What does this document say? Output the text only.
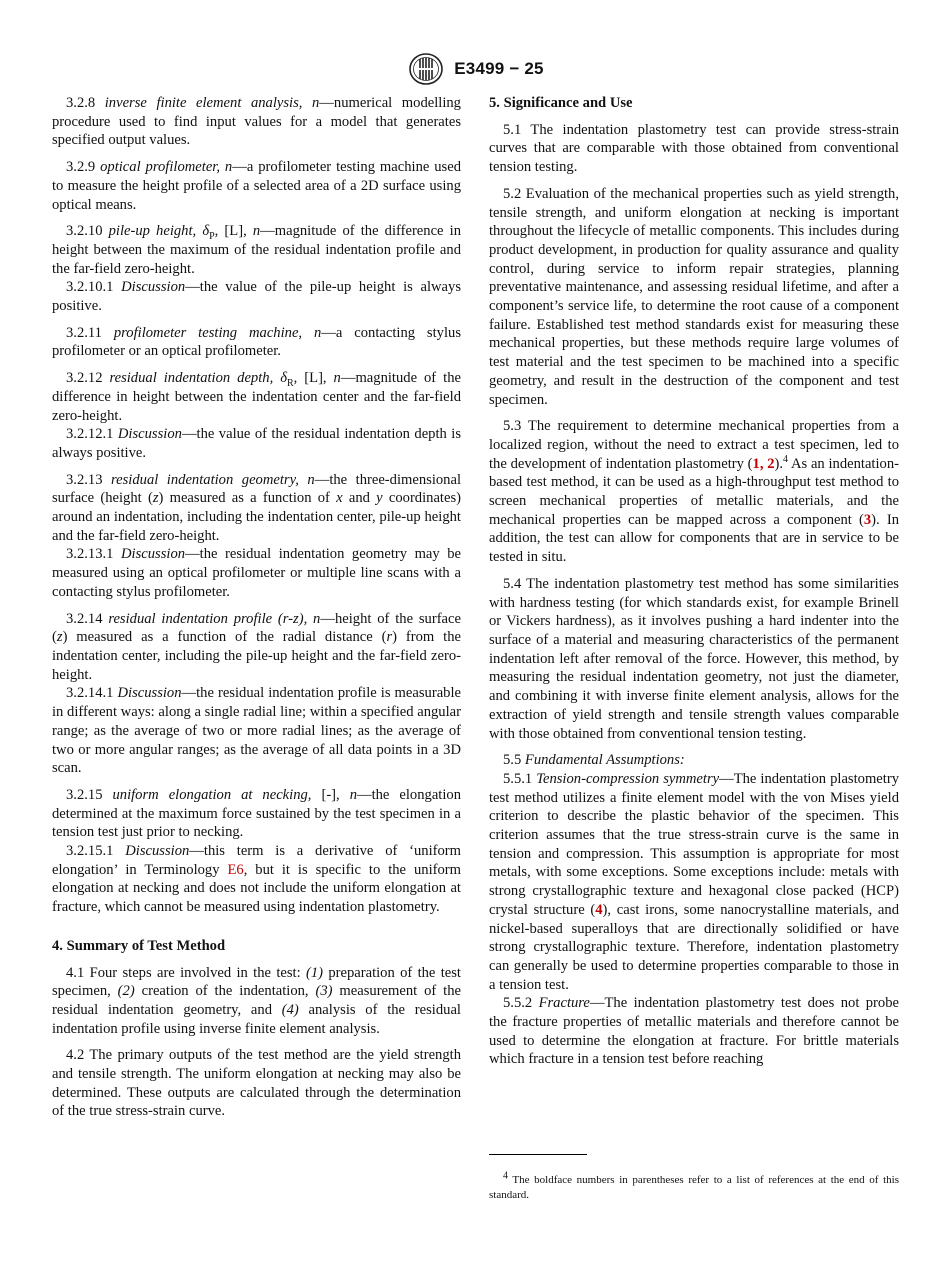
E3499 − 25

3.2.8 inverse finite element analysis, n—numerical modelling procedure used to find input values for a model that generates specified output values.

3.2.9 optical profilometer, n—a profilometer testing machine used to measure the height profile of a selected area of a 2D surface using optical means.

3.2.10 pile-up height, $\delta_P$, [L], n—magnitude of the difference in height between the maximum of the residual indentation profile and the far-field zero-height.

3.2.10.1 Discussion—the value of the pile-up height is always positive.

3.2.11 profilometer testing machine, n—a contacting stylus profilometer or an optical profilometer.

3.2.12 residual indentation depth, $\delta_R$, [L], n—magnitude of the difference in height between the indentation center and the far-field zero-height.

3.2.12.1 Discussion—the value of the residual indentation depth is always positive.

3.2.13 residual indentation geometry, n—the three-dimensional surface (height (z) measured as a function of x and y coordinates) around an indentation, including the indentation center, pile-up height and the far-field zero-height.

3.2.13.1 Discussion—the residual indentation geometry may be measured using an optical profilometer or multiple line scans with a contacting stylus profilometer.

3.2.14 residual indentation profile (r-z), n—height of the surface (z) measured as a function of the radial distance (r) from the indentation center, including the pile-up height and the far-field zero-height.

3.2.14.1 Discussion—the residual indentation profile is measurable in different ways: along a single radial line; within a specified angular range; as the average of two or more radial lines; as the average of two or more angular ranges; as the average of all data points in a 3D scan.

3.2.15 uniform elongation at necking, [-], n—the elongation determined at the maximum force sustained by the test specimen in a tension test just prior to necking.

3.2.15.1 Discussion—this term is a derivative of ‘uniform elongation’ in Terminology E6, but it is specific to the uniform elongation at necking and does not include the uniform elongation at fracture, which cannot be measured using indentation plastometry.

4. Summary of Test Method

4.1 Four steps are involved in the test: (1) preparation of the test specimen, (2) creation of the indentation, (3) measurement of the residual indentation geometry, and (4) analysis of the residual indentation profile using inverse finite element analysis.

4.2 The primary outputs of the test method are the yield strength and tensile strength. The uniform elongation at necking may also be determined. These outputs are calculated through the determination of the true stress-strain curve.

5. Significance and Use

5.1 The indentation plastometry test can provide stress-strain curves that are comparable with those obtained from conventional tension testing.

5.2 Evaluation of the mechanical properties such as yield strength, tensile strength, and uniform elongation at necking is important throughout the lifecycle of metallic components. This includes during product development, in production for quality assurance and quality control, during service to inform repair strategies, planning preventative maintenance, and assessing residual lifetime, and after a component’s service life, to determine the root cause of a component failure. Established test method standards exist for measuring these mechanical properties, but these methods require large volumes of test material and the test specimen to be machined into a specific geometry, and result in the destruction of the component and test specimen.

5.3 The requirement to determine mechanical properties from a localized region, without the need to extract a test specimen, led to the development of indentation plastometry (1, 2).$^4$ As an indentation-based test method, it can be used as a high-throughput test method to screen mechanical properties of metallic materials, and the mechanical properties can be mapped across a component (3). In addition, the test can allow for components that are in service to be tested in situ.

5.4 The indentation plastometry test method has some similarities with hardness testing (for which standards exist, for example Brinell or Vickers hardness), as it involves pushing a hard indenter into the surface of a material and measuring characteristics of the permanent indentation left after removal of the force. However, this method, by measuring the residual indentation geometry, not just the diameter, and combining it with inverse finite element analysis, allows for the extraction of yield strength and tensile strength values comparable with those obtained from conventional tension testing.

5.5 Fundamental Assumptions:

5.5.1 Tension-compression symmetry—The indentation plastometry test method utilizes a finite element model with the von Mises yield criterion to describe the plastic behavior of the specimen. This criterion assumes that the true stress-strain curve is the same in tension and compression. This assumption is appropriate for most metals, with some exceptions. Some exceptions include: metals with strong crystallographic texture and hexagonal close packed (HCP) crystal structure (4), cast irons, some nanocrystalline materials, and nickel-based superalloys that are directionally solidified or have strong crystallographic texture. Therefore, indentation plastometry can generally be used to determine properties comparable to those in a tension test.

5.5.2 Fracture—The indentation plastometry test does not probe the fracture properties of metallic materials and therefore cannot be used to determine the elongation at fracture. For brittle materials which fracture in a tension test before reaching

$^4$ The boldface numbers in parentheses refer to a list of references at the end of this standard.
